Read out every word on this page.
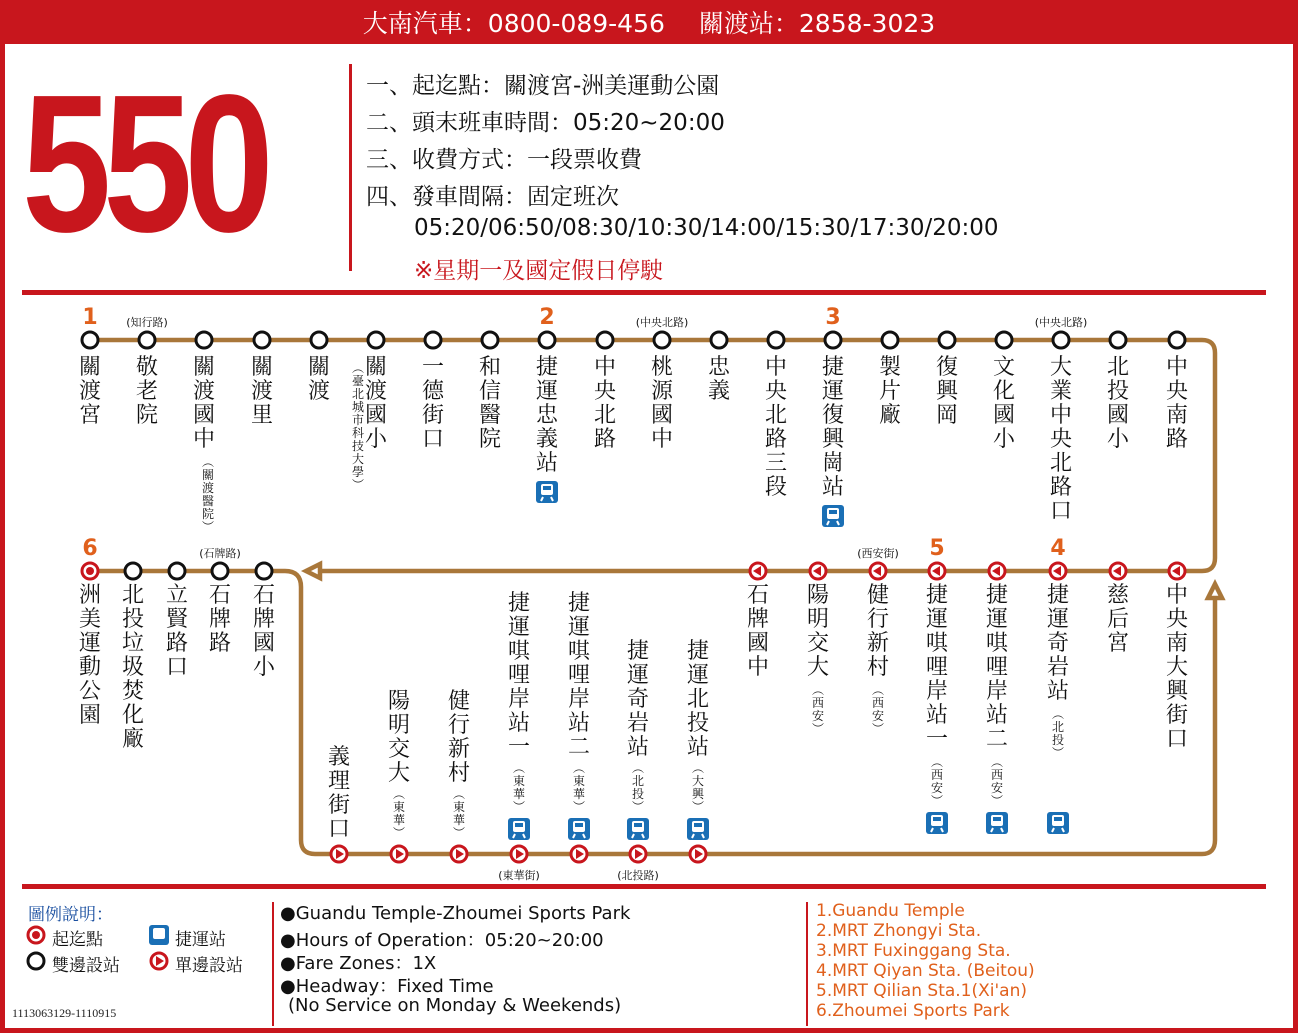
大南汽車：0800-089-456 關渡站：2858-3023
550	一、起迄點：關渡宮-洲美運動公園
二、頭末班車時間：05:20~20:00
三、收費方式：一段票收費
四、發車間隔：固定班次
05:20/06:50/08:30/10:30/14:00/15:30/17:30/20:00
※星期一及國定假日停駛
關
渡
宮
1
敬
老
院
(知行路)
關
渡
國
中
︵
關
渡
醫
院
︶
關
渡
里
關
渡
關
渡
國
小
︵
臺
北
城
市
科
技
大
學
︶
一
德
街
口
和
信
醫
院
捷
運
忠
義
站
2
中
央
北
路
桃
源
國
中
(中央北路)
忠
義
中
央
北
路
三
段
捷
運
復
興
崗
站
3
製
片
廠
復
興
岡
文
化
國
小
大
業
中
央
北
路
口
(中央北路)
北
投
國
小
中
央
南
路
中
央
南
大
興
街
口
慈
后
宮
捷
運
奇
岩
站
4
︵
北
投
︶
捷
運
唭
哩
岸
站
二
︵
西
安
︶
捷
運
唭
哩
岸
站
一
5
︵
西
安
︶
健
行
新
村
(西安街)
︵
西
安
︶
陽
明
交
大
︵
西
安
︶
石
牌
國
中
洲
美
運
動
公
園
6
北
投
垃
圾
焚
化
廠
立
賢
路
口
石
牌
路
(石牌路)
石
牌
國
小
義
理
街
口
陽
明
交
大
︵
東
華
︶
健
行
新
村
︵
東
華
︶
捷
運
唭
哩
岸
站
一
︵
東
華
︶
(東華街)
捷
運
唭
哩
岸
站
二
︵
東
華
︶
捷
運
奇
岩
站
︵
北
投
︶
(北投路)
捷
運
北
投
站
︵
大
興
︶
圖例說明：
起迄點	捷運站
雙邊設站	單邊設站
●Guandu Temple-Zhoumei Sports Park
●Hours of Operation：05:20~20:00
●Fare Zones：1X
●Headway：Fixed Time
(No Service on Monday & Weekends)
1.Guandu Temple
2.MRT Zhongyi Sta.
3.MRT Fuxinggang Sta.
4.MRT Qiyan Sta. (Beitou)
5.MRT Qilian Sta.1(Xi'an)
6.Zhoumei Sports Park
1113063129-1110915
